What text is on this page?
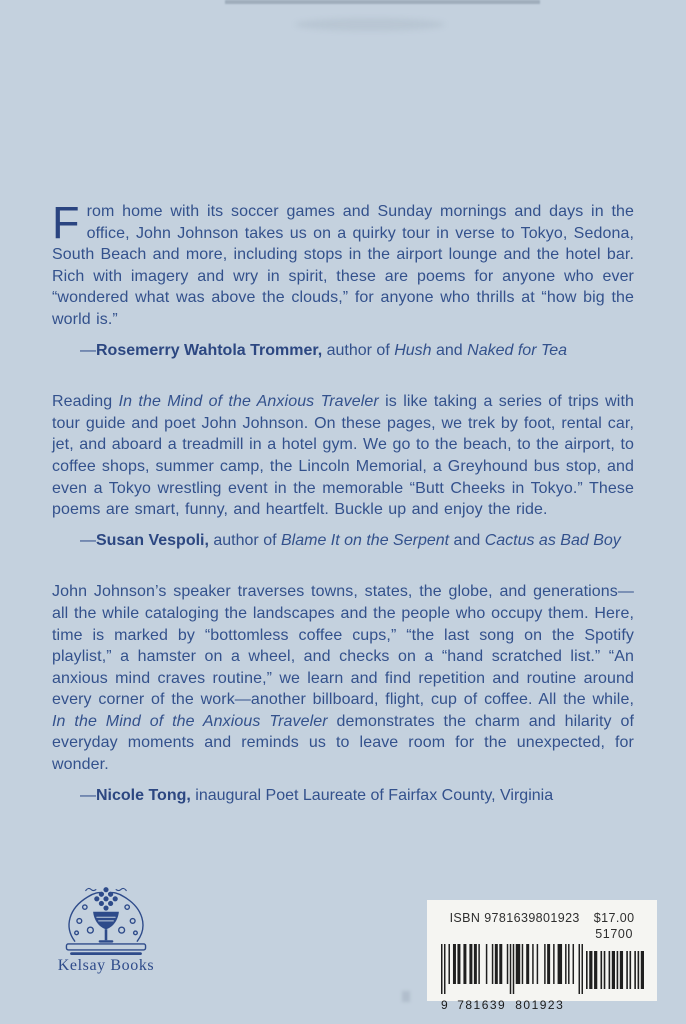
From home with its soccer games and Sunday mornings and days in the office, John Johnson takes us on a quirky tour in verse to Tokyo, Sedona, South Beach and more, including stops in the airport lounge and the hotel bar. Rich with imagery and wry in spirit, these are poems for anyone who ever “wondered what was above the clouds,” for anyone who thrills at “how big the world is.”

—Rosemerry Wahtola Trommer, author of Hush and Naked for Tea

Reading In the Mind of the Anxious Traveler is like taking a series of trips with tour guide and poet John Johnson. On these pages, we trek by foot, rental car, jet, and aboard a treadmill in a hotel gym. We go to the beach, to the airport, to coffee shops, summer camp, the Lincoln Memorial, a Greyhound bus stop, and even a Tokyo wrestling event in the memorable “Butt Cheeks in Tokyo.” These poems are smart, funny, and heartfelt. Buckle up and enjoy the ride.

—Susan Vespoli, author of Blame It on the Serpent and Cactus as Bad Boy

John Johnson’s speaker traverses towns, states, the globe, and generations—all the while cataloging the landscapes and the people who occupy them. Here, time is marked by “bottomless coffee cups,” “the last song on the Spotify playlist,” a hamster on a wheel, and checks on a “hand scratched list.” “An anxious mind craves routine,” we learn and find repetition and routine around every corner of the work—another billboard, flight, cup of coffee. All the while, In the Mind of the Anxious Traveler demonstrates the charm and hilarity of everyday moments and reminds us to leave room for the unexpected, for wonder.

—Nicole Tong, inaugural Poet Laureate of Fairfax County, Virginia

Kelsay Books
ISBN 9781639801923 $17.00
51700
9 781639 801923
